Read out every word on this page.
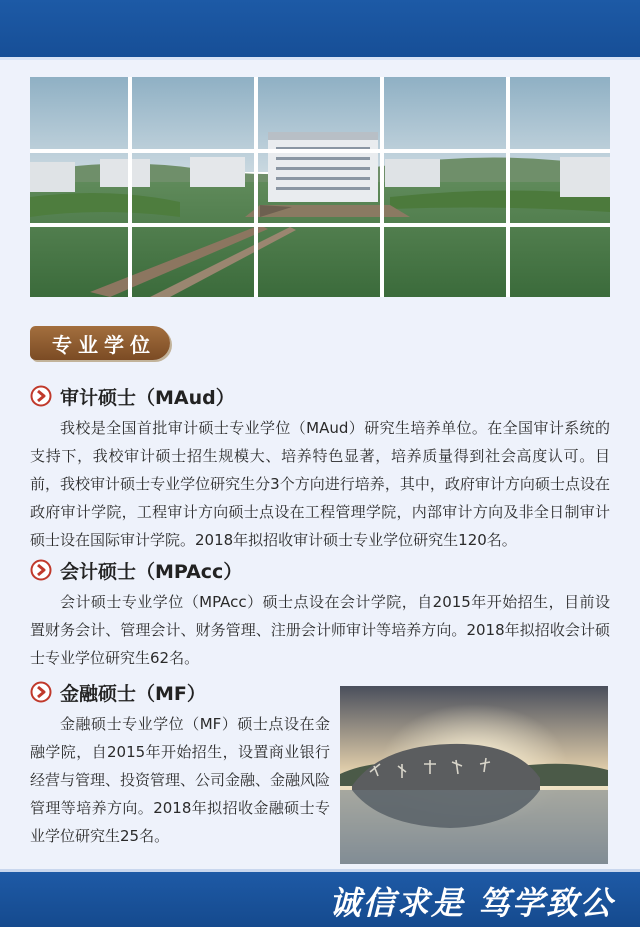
专业学位
审计硕士（MAud）

我校是全国首批审计硕士专业学位（MAud）研究生培养单位。在全国审计系统的支持下，我校审计硕士招生规模大、培养特色显著，培养质量得到社会高度认可。目前，我校审计硕士专业学位研究生分3个方向进行培养，其中，政府审计方向硕士点设在政府审计学院，工程审计方向硕士点设在工程管理学院，内部审计方向及非全日制审计硕士设在国际审计学院。2018年拟招收审计硕士专业学位研究生120名。

会计硕士（MPAcc）

会计硕士专业学位（MPAcc）硕士点设在会计学院，自2015年开始招生，目前设置财务会计、管理会计、财务管理、注册会计师审计等培养方向。2018年拟招收会计硕士专业学位研究生62名。

金融硕士（MF）

金融硕士专业学位（MF）硕士点设在金融学院，自2015年开始招生，设置商业银行经营与管理、投资管理、公司金融、金融风险管理等培养方向。2018年拟招收金融硕士专业学位研究生25名。

诚信求是 笃学致公
